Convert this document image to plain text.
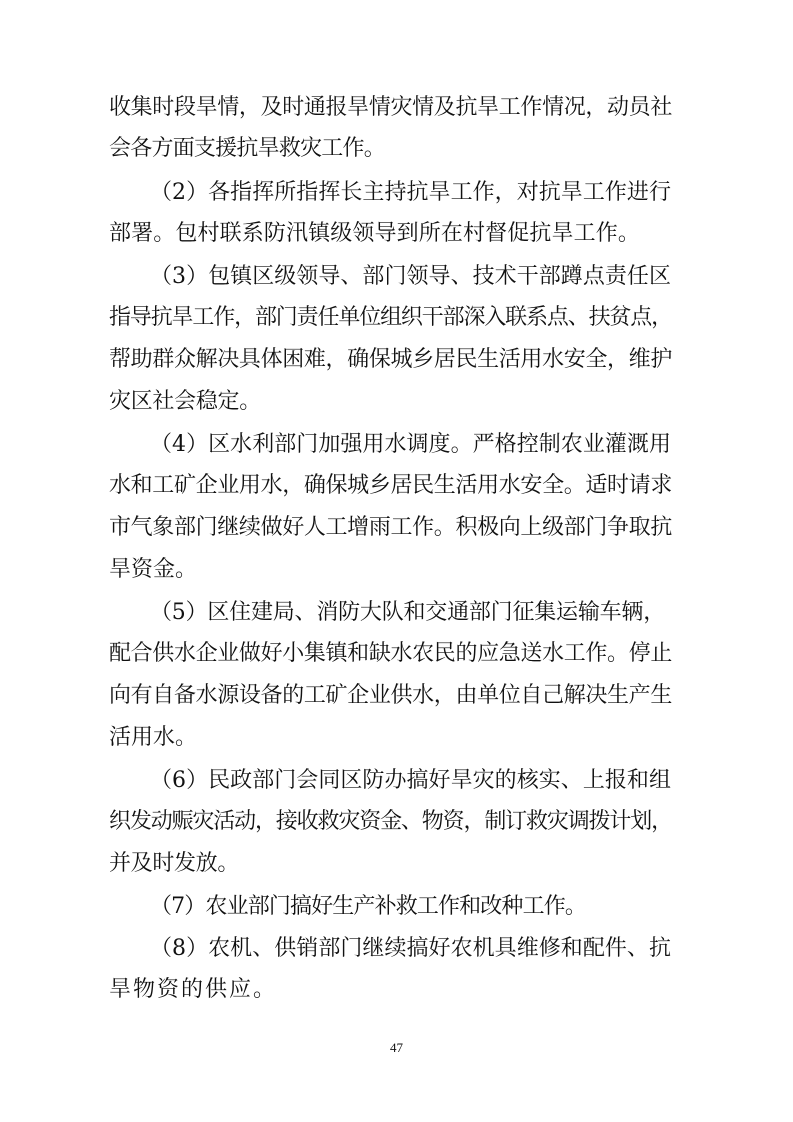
收集时段旱情，及时通报旱情灾情及抗旱工作情况，动员社
会各方面支援抗旱救灾工作。
（2）各指挥所指挥长主持抗旱工作，对抗旱工作进行
部署。包村联系防汛镇级领导到所在村督促抗旱工作。
（3）包镇区级领导、部门领导、技术干部蹲点责任区
指导抗旱工作，部门责任单位组织干部深入联系点、扶贫点，
帮助群众解决具体困难，确保城乡居民生活用水安全，维护
灾区社会稳定。
（4）区水利部门加强用水调度。严格控制农业灌溉用
水和工矿企业用水，确保城乡居民生活用水安全。适时请求
市气象部门继续做好人工增雨工作。积极向上级部门争取抗
旱资金。
（5）区住建局、消防大队和交通部门征集运输车辆，
配合供水企业做好小集镇和缺水农民的应急送水工作。停止
向有自备水源设备的工矿企业供水，由单位自己解决生产生
活用水。
（6）民政部门会同区防办搞好旱灾的核实、上报和组
织发动赈灾活动，接收救灾资金、物资，制订救灾调拨计划，
并及时发放。
（7）农业部门搞好生产补救工作和改种工作。
（8）农机、供销部门继续搞好农机具维修和配件、抗
旱物资的供应。
47
